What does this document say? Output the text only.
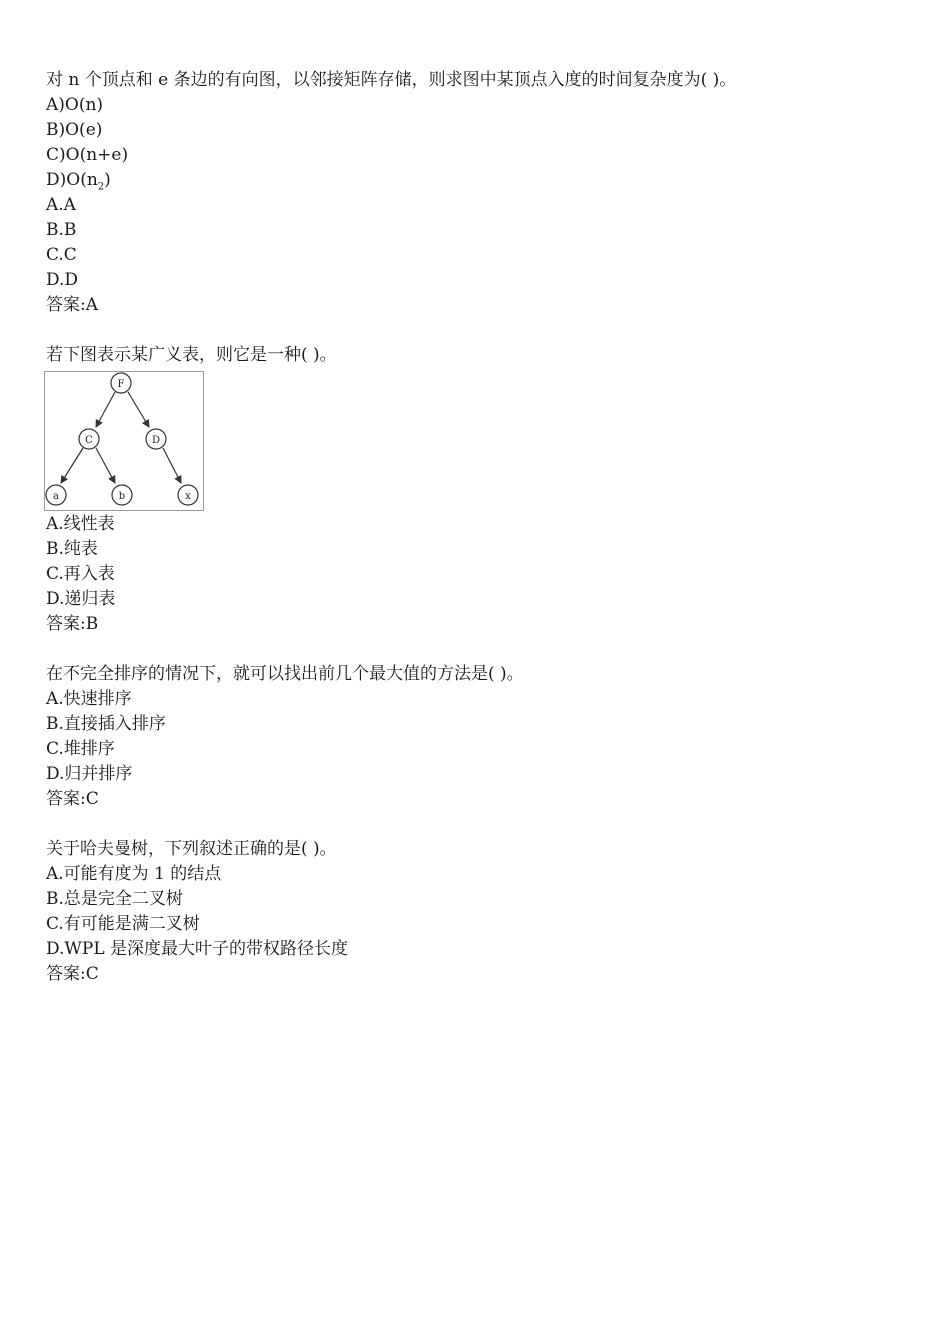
对 n 个顶点和 e 条边的有向图，以邻接矩阵存储，则求图中某顶点入度的时间复杂度为( )。
A)O(n)
B)O(e)
C)O(n+e)
$D)O(n_2)$
A.A
B.B
C.C
D.D
答案:A
若下图表示某广义表，则它是一种( )。
F
C	D
a	b	x
A.线性表
B.纯表
C.再入表
D.递归表
答案:B
在不完全排序的情况下，就可以找出前几个最大值的方法是( )。
A.快速排序
B.直接插入排序
C.堆排序
D.归并排序
答案:C
关于哈夫曼树，下列叙述正确的是( )。
A.可能有度为 1 的结点
B.总是完全二叉树
C.有可能是满二叉树
D.WPL 是深度最大叶子的带权路径长度
答案:C
